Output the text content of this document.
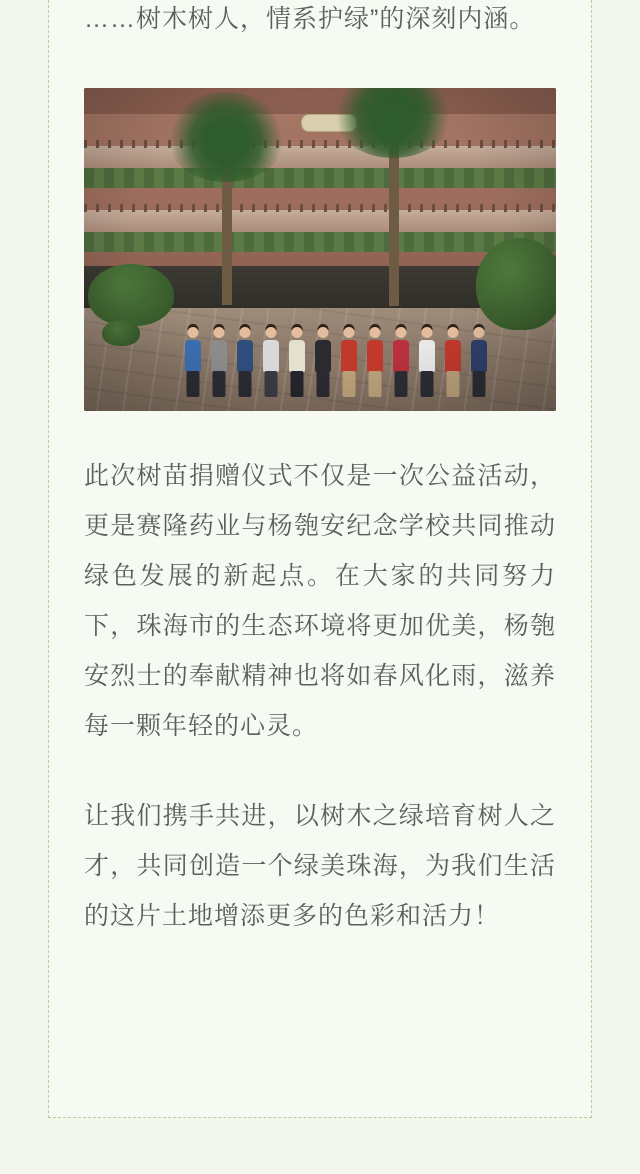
……树木树人，情系护绿”的深刻内涵。

此次树苗捐赠仪式不仅是一次公益活动，更是赛隆药业与杨匏安纪念学校共同推动绿色发展的新起点。在大家的共同努力下，珠海市的生态环境将更加优美，杨匏安烈士的奉献精神也将如春风化雨，滋养每一颗年轻的心灵。

让我们携手共进，以树木之绿培育树人之才，共同创造一个绿美珠海，为我们生活的这片土地增添更多的色彩和活力！
